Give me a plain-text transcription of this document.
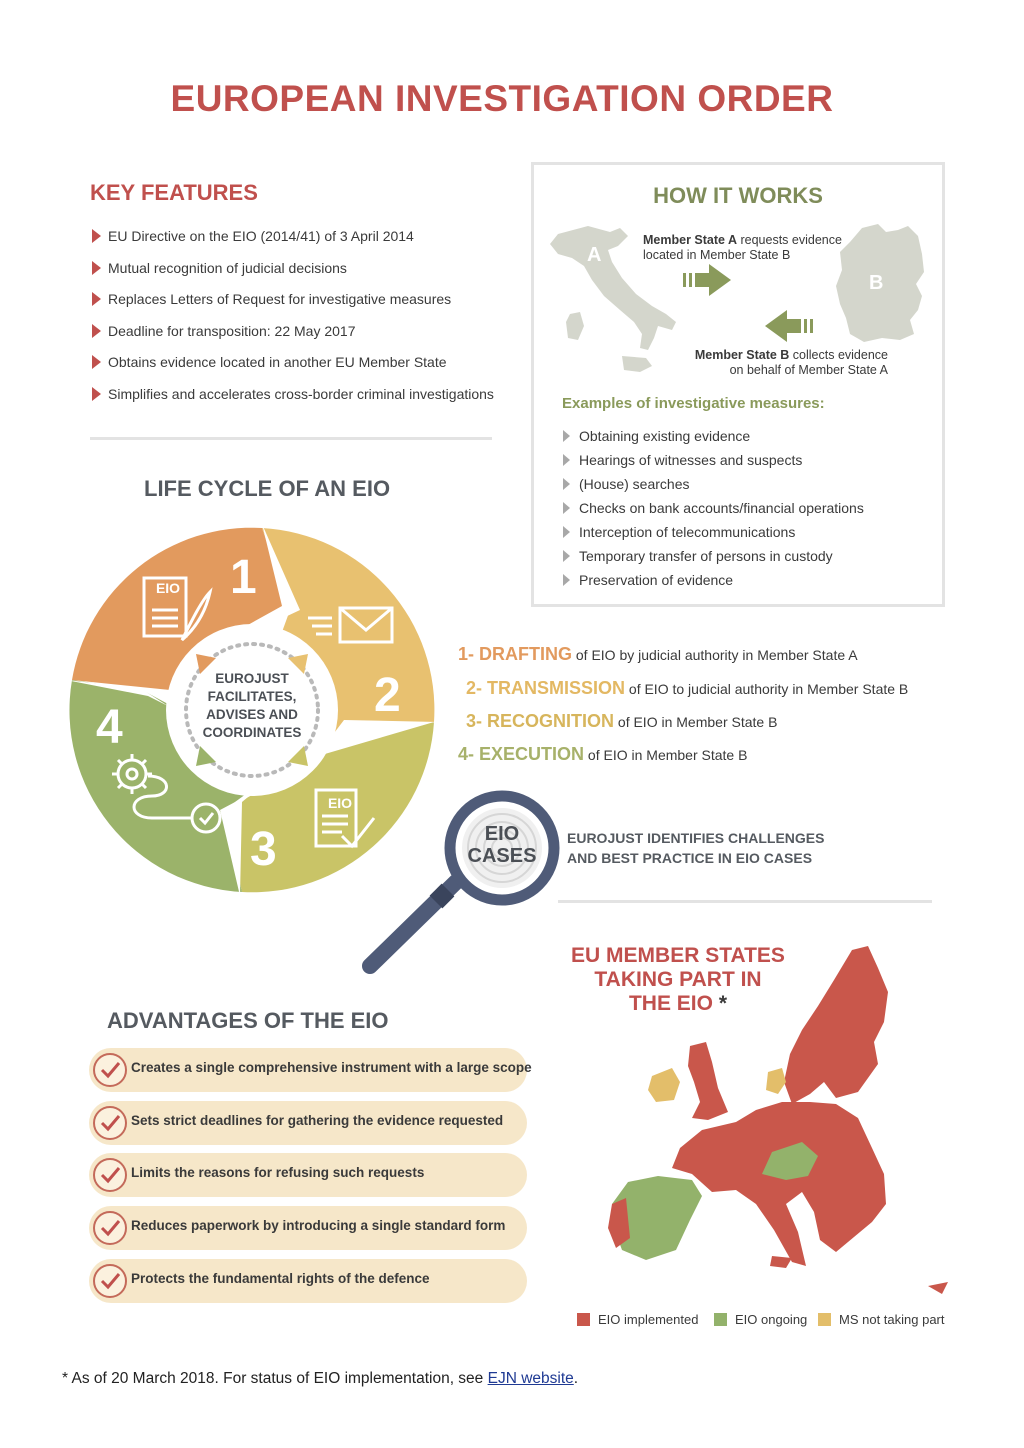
EUROPEAN INVESTIGATION ORDER
KEY FEATURES
EU Directive on the EIO (2014/41) of 3 April 2014
Mutual recognition of judicial decisions
Replaces Letters of Request for investigative measures
Deadline for transposition: 22 May 2017
Obtains evidence located in another EU Member State
Simplifies and accelerates cross-border criminal investigations
HOW IT WORKS
A
B
Member State A requests evidence
located in Member State B
Member State B collects evidence
on behalf of Member State A
Examples of investigative measures:
Obtaining existing evidence
Hearings of witnesses and suspects
(House) searches
Checks on bank accounts/financial operations
Interception of telecommunications
Temporary transfer of persons in custody
Preservation of evidence
LIFE CYCLE OF AN EIO
1
2
3
4
EIO
EIO
EUROJUST
FACILITATES,
ADVISES AND
COORDINATES
1- DRAFTING of EIO by judicial authority in Member State A
2- TRANSMISSION of EIO to judicial authority in Member State B
3- RECOGNITION of EIO in Member State B
4- EXECUTION of EIO in Member State B
EIO
CASES
EUROJUST IDENTIFIES CHALLENGES
AND BEST PRACTICE IN EIO CASES
ADVANTAGES OF THE EIO
Creates a single comprehensive instrument with a large scope
Sets strict deadlines for gathering the evidence requested
Limits the reasons for refusing such requests
Reduces paperwork by introducing a single standard form
Protects the fundamental rights of the defence
EU MEMBER STATES
TAKING PART IN
THE EIO *
EIO implemented	EIO ongoing	MS not taking part
* As of 20 March 2018. For status of EIO implementation, see EJN website.
